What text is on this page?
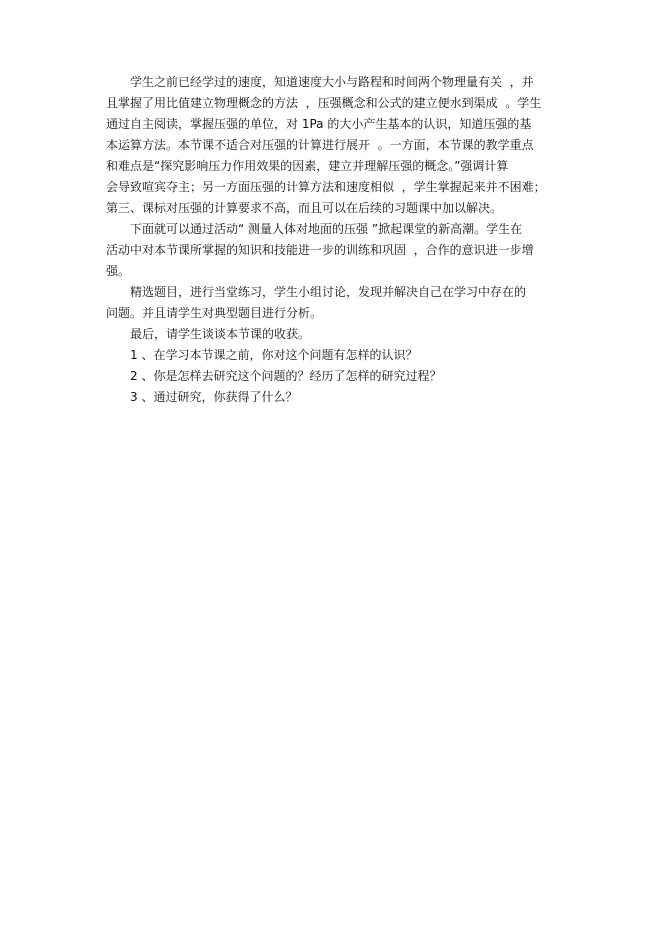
学生之前已经学过的速度，知道速度大小与路程和时间两个物理量有关  ，并
且掌握了用比值建立物理概念的方法  ，压强概念和公式的建立便水到渠成  。学生
通过自主阅读，掌握压强的单位，对 1Pa 的大小产生基本的认识，知道压强的基
本运算方法。本节课不适合对压强的计算进行展开  。一方面，本节课的教学重点
和难点是“探究影响压力作用效果的因素，建立并理解压强的概念。”强调计算
会导致喧宾夺主；另一方面压强的计算方法和速度相似  ，学生掌握起来并不困难；
第三、课标对压强的计算要求不高，而且可以在后续的习题课中加以解决。
下面就可以通过活动“ 测量人体对地面的压强 ”掀起课堂的新高潮。学生在
活动中对本节课所掌握的知识和技能进一步的训练和巩固  ，合作的意识进一步增
强。
精选题目，进行当堂练习，学生小组讨论，发现并解决自己在学习中存在的
问题。并且请学生对典型题目进行分析。
最后，请学生谈谈本节课的收获。
1 、在学习本节课之前，你对这个问题有怎样的认识？
2 、你是怎样去研究这个问题的？经历了怎样的研究过程？
3 、通过研究，你获得了什么？
